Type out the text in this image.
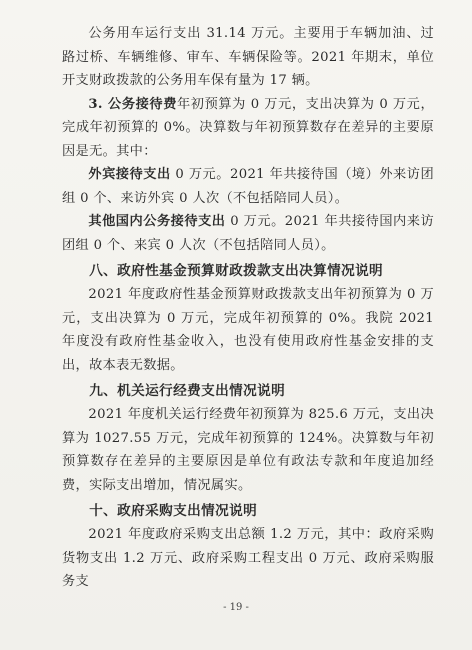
公务用车运行支出 31.14 万元。主要用于车辆加油、过路过桥、车辆维修、审车、车辆保险等。2021 年期末，单位开支财政拨款的公务用车保有量为 17 辆。

3. 公务接待费年初预算为 0 万元，支出决算为 0 万元，完成年初预算的 0%。决算数与年初预算数存在差异的主要原因是无。其中：

外宾接待支出 0 万元。2021 年共接待国（境）外来访团组 0 个、来访外宾 0 人次（不包括陪同人员）。

其他国内公务接待支出 0 万元。2021 年共接待国内来访团组 0 个、来宾 0 人次（不包括陪同人员）。

八、政府性基金预算财政拨款支出决算情况说明

2021 年度政府性基金预算财政拨款支出年初预算为 0 万元，支出决算为 0 万元，完成年初预算的 0%。我院 2021 年度没有政府性基金收入，也没有使用政府性基金安排的支出，故本表无数据。

九、机关运行经费支出情况说明

2021 年度机关运行经费年初预算为 825.6 万元，支出决算为 1027.55 万元，完成年初预算的 124%。决算数与年初预算数存在差异的主要原因是单位有政法专款和年度追加经费，实际支出增加，情况属实。

十、政府采购支出情况说明

2021 年度政府采购支出总额 1.2 万元，其中：政府采购货物支出 1.2 万元、政府采购工程支出 0 万元、政府采购服务支

- 19 -
